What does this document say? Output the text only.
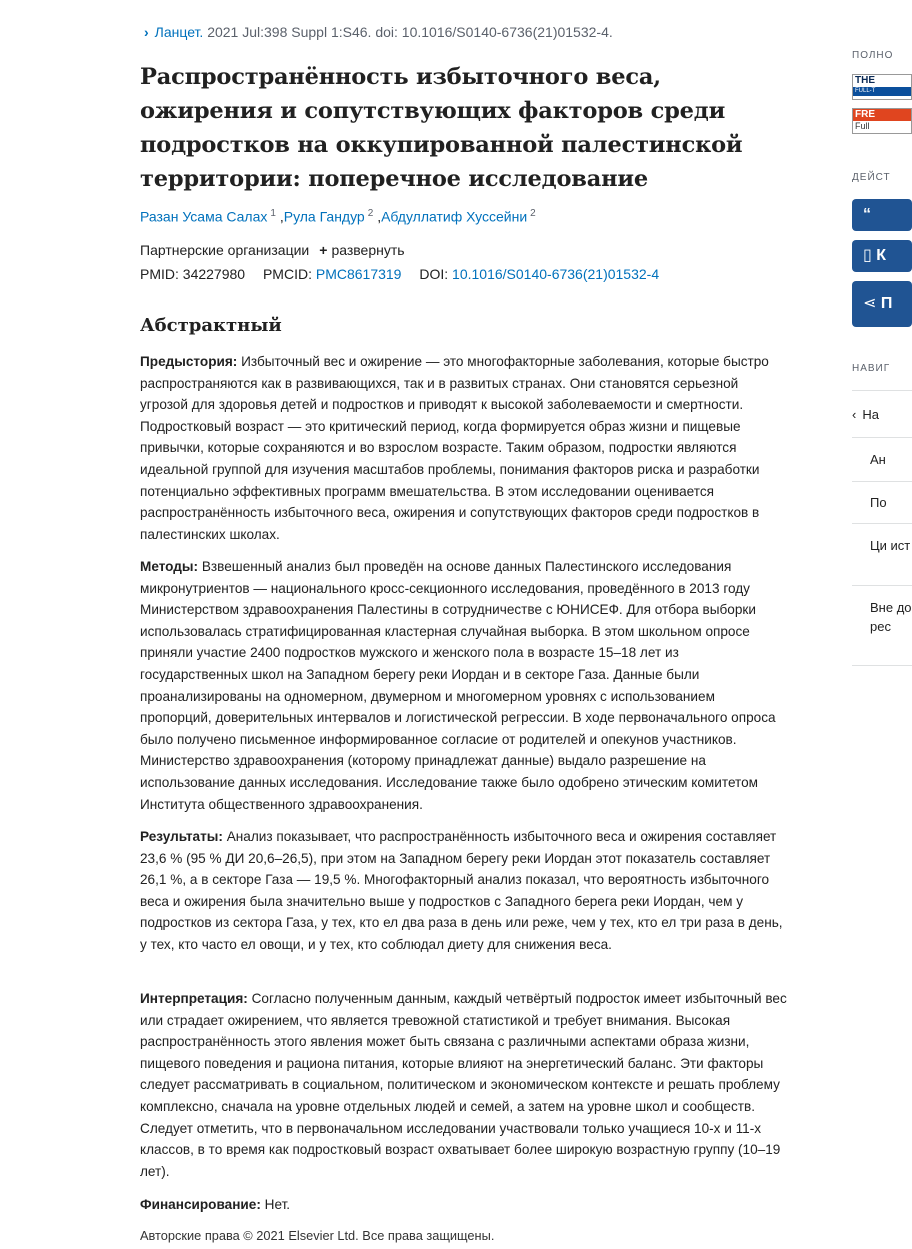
› Ланцет. 2021 Jul:398 Suppl 1:S46. doi: 10.1016/S0140-6736(21)01532-4.
Распространённость избыточного веса, ожирения и сопутствующих факторов среди подростков на оккупированной палестинской территории: поперечное исследование
Разан Усама Салах $^1$ ,Рула Гандур $^2$ ,Абдуллатиф Хуссейни $^2$
Партнерские организации + развернуть
PMID: 34227980 PMCID: PMC8617319 DOI: 10.1016/S0140-6736(21)01532-4
Абстрактный

Предыстория: Избыточный вес и ожирение — это многофакторные заболевания, которые быстро распространяются как в развивающихся, так и в развитых странах. Они становятся серьезной угрозой для здоровья детей и подростков и приводят к высокой заболеваемости и смертности. Подростковый возраст — это критический период, когда формируется образ жизни и пищевые привычки, которые сохраняются и во взрослом возрасте. Таким образом, подростки являются идеальной группой для изучения масштабов проблемы, понимания факторов риска и разработки потенциально эффективных программ вмешательства. В этом исследовании оценивается распространённость избыточного веса, ожирения и сопутствующих факторов среди подростков в палестинских школах.

Методы: Взвешенный анализ был проведён на основе данных Палестинского исследования микронутриентов — национального кросс-секционного исследования, проведённого в 2013 году Министерством здравоохранения Палестины в сотрудничестве с ЮНИСЕФ. Для отбора выборки использовалась стратифицированная кластерная случайная выборка. В этом школьном опросе приняли участие 2400 подростков мужского и женского пола в возрасте 15–18 лет из государственных школ на Западном берегу реки Иордан и в секторе Газа. Данные были проанализированы на одномерном, двумерном и многомерном уровнях с использованием пропорций, доверительных интервалов и логистической регрессии. В ходе первоначального опроса было получено письменное информированное согласие от родителей и опекунов участников. Министерство здравоохранения (которому принадлежат данные) выдало разрешение на использование данных исследования. Исследование также было одобрено этическим комитетом Института общественного здравоохранения.

Результаты: Анализ показывает, что распространённость избыточного веса и ожирения составляет 23,6 % (95 % ДИ 20,6–26,5), при этом на Западном берегу реки Иордан этот показатель составляет 26,1 %, а в секторе Газа — 19,5 %. Многофакторный анализ показал, что вероятность избыточного веса и ожирения была значительно выше у подростков с Западного берега реки Иордан, чем у подростков из сектора Газа, у тех, кто ел два раза в день или реже, чем у тех, кто ел три раза в день, у тех, кто часто ел овощи, и у тех, кто соблюдал диету для снижения веса.

Интерпретация: Согласно полученным данным, каждый четвёртый подросток имеет избыточный вес или страдает ожирением, что является тревожной статистикой и требует внимания. Высокая распространённость этого явления может быть связана с различными аспектами образа жизни, пищевого поведения и рациона питания, которые влияют на энергетический баланс. Эти факторы следует рассматривать в социальном, политическом и экономическом контексте и решать проблему комплексно, сначала на уровне отдельных людей и семей, а затем на уровне школ и сообществ. Следует отметить, что в первоначальном исследовании участвовали только учащиеся 10-х и 11-х классов, в то время как подростковый возраст охватывает более широкую возрастную группу (10–19 лет).

Финансирование: Нет.

Авторские права © 2021 Elsevier Ltd. Все права защищены.
ПОЛНО
THE
FULL-T
FRE
Full
ДЕЙСТ
“
▯ К
⋖ П
НАВИГ
‹ На
Ан
По
Ци ист
Вне до рес
